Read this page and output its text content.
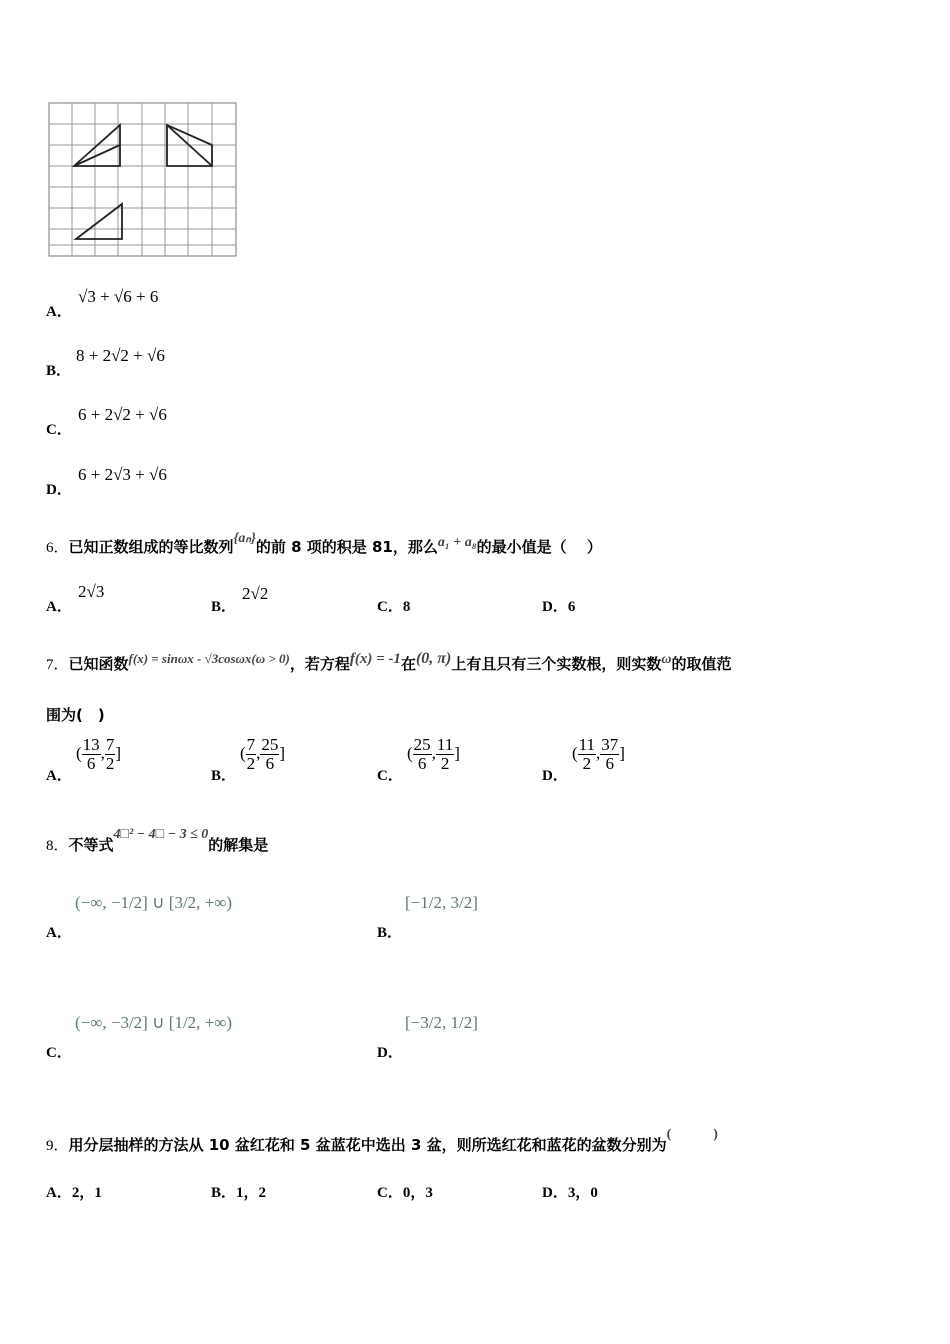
A．
√3 + √6 + 6
B．
8 + 2√2 + √6
C．
6 + 2√2 + √6
D．
6 + 2√3 + √6
6．已知正数组成的等比数列{aₙ}的前 8 项的积是 81，那么a₁ + a₈的最小值是（　 ）
A．
2√3
B．
2√2
C．8	D．6
7．已知函数f(x) = sinωx - √3cosωx(ω > 0)，若方程f(x) = -1在(0, π)上有且只有三个实数根，则实数ω的取值范
围为(　)
A．
( $\frac{13}{6}$ , $\frac{7}{2}$ ]
B．
( $\frac{7}{2}$ , $\frac{25}{6}$ ]
C．
( $\frac{25}{6}$ , $\frac{11}{2}$ ]
D．
( $\frac{11}{2}$ , $\frac{37}{6}$ ]
8．不等式4□² − 4□ − 3 ≤ 0的解集是
A．
(−∞, −1/2] ∪ [3/2, +∞)
B．
[−1/2, 3/2]
C．
(−∞, −3/2] ∪ [1/2, +∞)
D．
[−3/2, 1/2]
9．用分层抽样的方法从 10 盆红花和 5 盆蓝花中选出 3 盆，则所选红花和蓝花的盆数分别为(　　　)
A．2，1	B．1，2	C．0，3	D．3，0
